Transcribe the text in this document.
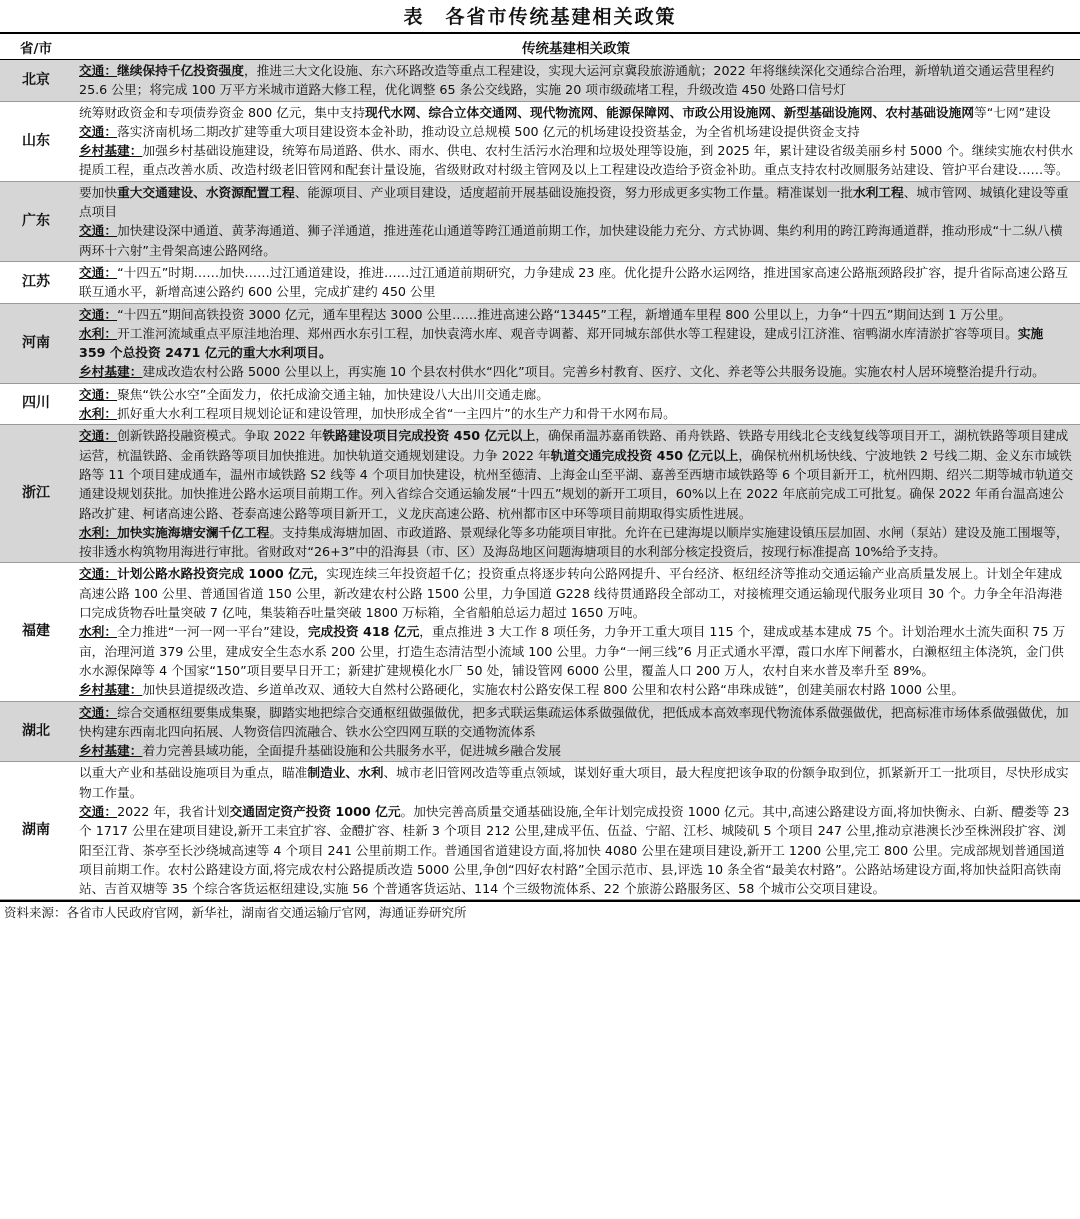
表　各省市传统基建相关政策
省/市	传统基建相关政策
北京	交通：继续保持千亿投资强度，推进三大文化设施、东六环路改造等重点工程建设，实现大运河京冀段旅游通航；2022 年将继续深化交通综合治理，新增轨道交通运营里程约 25.6 公里；将完成 100 万平方米城市道路大修工程，优化调整 65 条公交线路，实施 20 项市级疏堵工程，升级改造 450 处路口信号灯

山东	统筹财政资金和专项债券资金 800 亿元，集中支持现代水网、综合立体交通网、现代物流网、能源保障网、市政公用设施网、新型基础设施网、农村基础设施网等“七网”建设
交通：落实济南机场二期改扩建等重大项目建设资本金补助，推动设立总规模 500 亿元的机场建设投资基金，为全省机场建设提供资金支持
乡村基建：加强乡村基础设施建设，统筹布局道路、供水、雨水、供电、农村生活污水治理和垃圾处理等设施，到 2025 年，累计建设省级美丽乡村 5000 个。继续实施农村供水提质工程，重点改善水质、改造村级老旧管网和配套计量设施，省级财政对村级主管网及以上工程建设改造给予资金补助。重点支持农村改厕服务站建设、管护平台建设……等。

广东	要加快重大交通建设、水资源配置工程、能源项目、产业项目建设，适度超前开展基础设施投资，努力形成更多实物工作量。精准谋划一批水利工程、城市管网、城镇化建设等重点项目
交通：加快建设深中通道、黄茅海通道、狮子洋通道，推进莲花山通道等跨江通道前期工作，加快建设能力充分、方式协调、集约利用的跨江跨海通道群，推动形成“十二纵八横两环十六射”主骨架高速公路网络。

江苏	交通：“十四五”时期……加快……过江通道建设，推进……过江通道前期研究，力争建成 23 座。优化提升公路水运网络，推进国家高速公路瓶颈路段扩容，提升省际高速公路互联互通水平，新增高速公路约 600 公里，完成扩建约 450 公里

河南	交通：“十四五”期间高铁投资 3000 亿元，通车里程达 3000 公里……推进高速公路“13445”工程，新增通车里程 800 公里以上，力争“十四五”期间达到 1 万公里。
水利：开工淮河流域重点平原洼地治理、郑州西水东引工程，加快袁湾水库、观音寺调蓄、郑开同城东部供水等工程建设，建成引江济淮、宿鸭湖水库清淤扩容等项目。实施 359 个总投资 2471 亿元的重大水利项目。
乡村基建：建成改造农村公路 5000 公里以上，再实施 10 个县农村供水“四化”项目。完善乡村教育、医疗、文化、养老等公共服务设施。实施农村人居环境整治提升行动。

四川	交通：聚焦“铁公水空”全面发力，依托成渝交通主轴，加快建设八大出川交通走廊。
水利：抓好重大水利工程项目规划论证和建设管理，加快形成全省“一主四片”的水生产力和骨干水网布局。

浙江	交通：创新铁路投融资模式。争取 2022 年铁路建设项目完成投资 450 亿元以上，确保甬温苏嘉甬铁路、甬舟铁路、铁路专用线北仑支线复线等项目开工，湖杭铁路等项目建成运营，杭温铁路、金甬铁路等项目加快推进。加快轨道交通规划建设。力争 2022 年轨道交通完成投资 450 亿元以上，确保杭州机场快线、宁波地铁 2 号线二期、金义东市域铁路等 11 个项目建成通车，温州市域铁路 S2 线等 4 个项目加快建设，杭州至德清、上海金山至平湖、嘉善至西塘市域铁路等 6 个项目新开工，杭州四期、绍兴二期等城市轨道交通建设规划获批。加快推进公路水运项目前期工作。列入省综合交通运输发展“十四五”规划的新开工项目，60%以上在 2022 年底前完成工可批复。确保 2022 年甬台温高速公路改扩建、柯诸高速公路、苍泰高速公路等项目新开工，义龙庆高速公路、杭州都市区中环等项目前期取得实质性进展。
水利：加快实施海塘安澜千亿工程。支持集成海塘加固、市政道路、景观绿化等多功能项目审批。允许在已建海堤以顺岸实施建设镇压层加固、水闸（泵站）建设及施工围堰等，按非透水构筑物用海进行审批。省财政对“26+3”中的沿海县（市、区）及海岛地区问题海塘项目的水利部分核定投资后，按现行标准提高 10%给予支持。

福建	交通：计划公路水路投资完成 1000 亿元，实现连续三年投资超千亿；投资重点将逐步转向公路网提升、平台经济、枢纽经济等推动交通运输产业高质量发展上。计划全年建成高速公路 100 公里、普通国省道 150 公里，新改建农村公路 1500 公里，力争国道 G228 线待贯通路段全部动工，对接梳理交通运输现代服务业项目 30 个。力争全年沿海港口完成货物吞吐量突破 7 亿吨，集装箱吞吐量突破 1800 万标箱，全省船舶总运力超过 1650 万吨。
水利：全力推进“一河一网一平台”建设，完成投资 418 亿元，重点推进 3 大工作 8 项任务，力争开工重大项目 115 个，建成或基本建成 75 个。计划治理水土流失面积 75 万亩，治理河道 379 公里，建成安全生态水系 200 公里，打造生态清洁型小流域 100 公里。力争“一闸三线”6 月正式通水平潭，霞口水库下闸蓄水，白濑枢纽主体浇筑，金门供水水源保障等 4 个国家“150”项目要早日开工；新建扩建规模化水厂 50 处，铺设管网 6000 公里，覆盖人口 200 万人，农村自来水普及率升至 89%。
乡村基建：加快县道提级改造、乡道单改双、通较大自然村公路硬化，实施农村公路安保工程 800 公里和农村公路“串珠成链”，创建美丽农村路 1000 公里。

湖北	交通：综合交通枢纽要集成集聚，脚踏实地把综合交通枢纽做强做优，把多式联运集疏运体系做强做优，把低成本高效率现代物流体系做强做优，把高标准市场体系做强做优，加快构建东西南北四向拓展、人物资信四流融合、铁水公空四网互联的交通物流体系
乡村基建：着力完善县域功能，全面提升基础设施和公共服务水平，促进城乡融合发展

湖南	以重大产业和基础设施项目为重点，瞄准制造业、水利、城市老旧管网改造等重点领域，谋划好重大项目，最大程度把该争取的份额争取到位，抓紧新开工一批项目，尽快形成实物工作量。
交通：2022 年，我省计划交通固定资产投资 1000 亿元。加快完善高质量交通基础设施,全年计划完成投资 1000 亿元。其中,高速公路建设方面,将加快衡永、白新、醴娄等 23 个 1717 公里在建项目建设,新开工耒宜扩容、金醴扩容、桂新 3 个项目 212 公里,建成平伍、伍益、宁韶、江杉、城陵矶 5 个项目 247 公里,推动京港澳长沙至株洲段扩容、浏阳至江背、茶亭至长沙绕城高速等 4 个项目 241 公里前期工作。普通国省道建设方面,将加快 4080 公里在建项目建设,新开工 1200 公里,完工 800 公里。完成部规划普通国道项目前期工作。农村公路建设方面,将完成农村公路提质改造 5000 公里,争创“四好农村路”全国示范市、县,评选 10 条全省“最美农村路”。公路站场建设方面,将加快益阳高铁南站、吉首双塘等 35 个综合客货运枢纽建设,实施 56 个普通客货运站、114 个三级物流体系、22 个旅游公路服务区、58 个城市公交项目建设。
资料来源：各省市人民政府官网，新华社，湖南省交通运输厅官网，海通证券研究所
